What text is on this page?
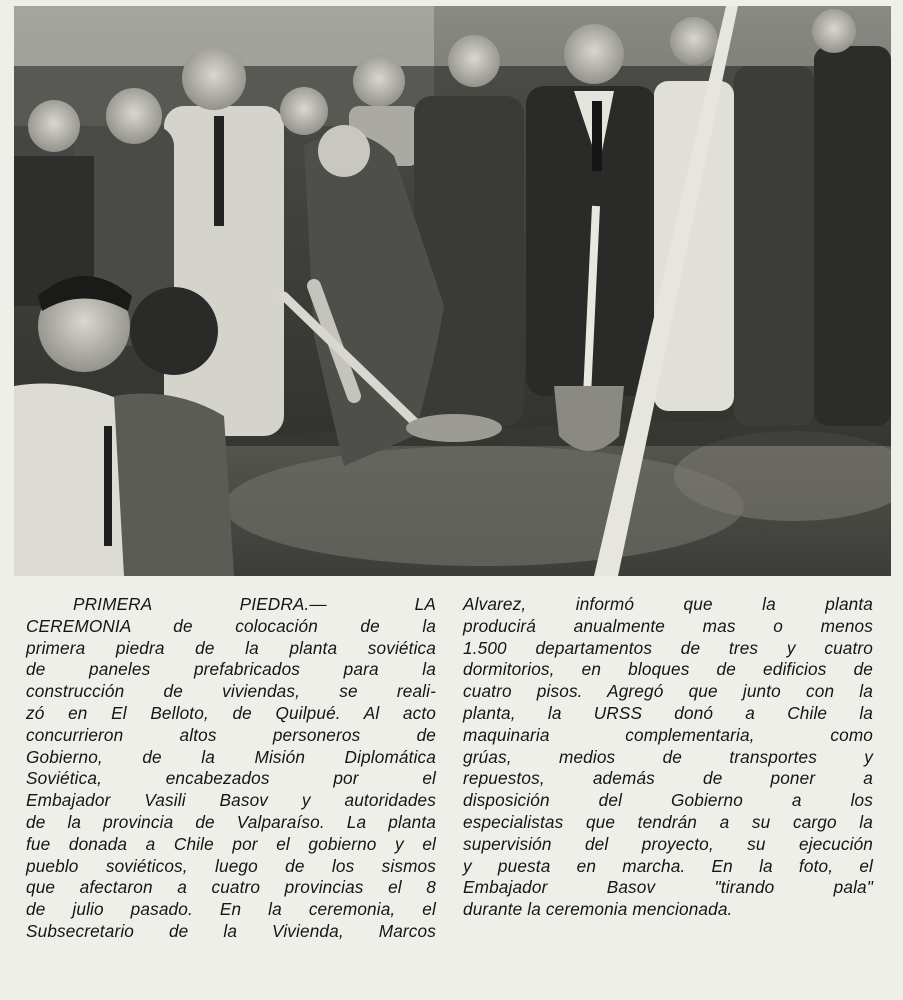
PRIMERA PIEDRA.— LA
CEREMONIA de colocación de la
primera piedra de la planta soviética
de paneles prefabricados para la
construcción de viviendas, se reali-
zó en El Belloto, de Quilpué. Al acto
concurrieron altos personeros de
Gobierno, de la Misión Diplomática
Soviética, encabezados por el
Embajador Vasili Basov y autoridades
de la provincia de Valparaíso. La planta
fue donada a Chile por el gobierno y el
pueblo soviéticos, luego de los sismos
que afectaron a cuatro provincias el 8
de julio pasado. En la ceremonia, el
Subsecretario de la Vivienda, Marcos
Alvarez, informó que la planta
producirá anualmente mas o menos
1.500 departamentos de tres y cuatro
dormitorios, en bloques de edificios de
cuatro pisos. Agregó que junto con la
planta, la URSS donó a Chile la
maquinaria complementaria, como
grúas, medios de transportes y
repuestos, además de poner a
disposición del Gobierno a los
especialistas que tendrán a su cargo la
supervisión del proyecto, su ejecución
y puesta en marcha. En la foto, el
Embajador Basov "tirando pala"
durante la ceremonia mencionada.
